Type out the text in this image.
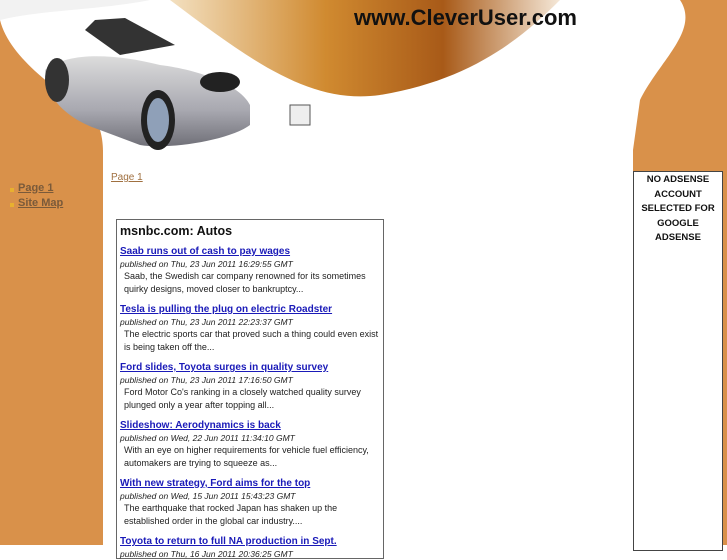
www.CleverUser.com
Page 1
Site Map
Page 1
msnbc.com: Autos
Saab runs out of cash to pay wages
published on Thu, 23 Jun 2011 16:29:55 GMT
Saab, the Swedish car company renowned for its sometimes quirky designs, moved closer to bankruptcy...
Tesla is pulling the plug on electric Roadster
published on Thu, 23 Jun 2011 22:23:37 GMT
The electric sports car that proved such a thing could even exist is being taken off the...
Ford slides, Toyota surges in quality survey
published on Thu, 23 Jun 2011 17:16:50 GMT
Ford Motor Co's ranking in a closely watched quality survey plunged only a year after topping all...
Slideshow: Aerodynamics is back
published on Wed, 22 Jun 2011 11:34:10 GMT
With an eye on higher requirements for vehicle fuel efficiency, automakers are trying to squeeze as...
With new strategy, Ford aims for the top
published on Wed, 15 Jun 2011 15:43:23 GMT
The earthquake that rocked Japan has shaken up the established order in the global car industry....
Toyota to return to full NA production in Sept.
published on Thu, 16 Jun 2011 20:36:25 GMT
NO ADSENSE ACCOUNT SELECTED FOR GOOGLE ADSENSE
